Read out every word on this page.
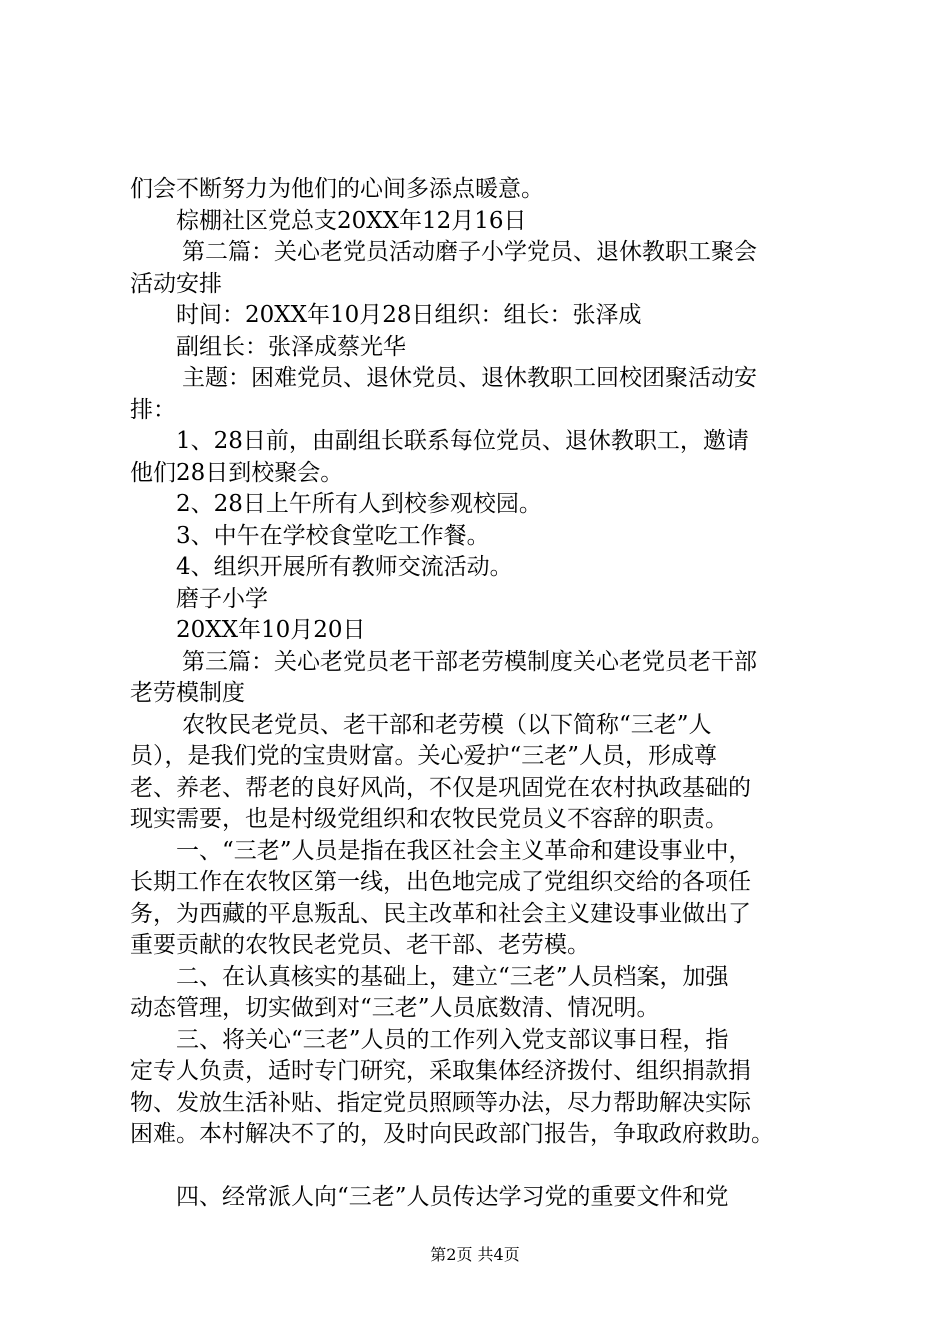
们会不断努力为他们的心间多添点暖意。
棕棚社区党总支20XX年12月16日
第二篇：关心老党员活动磨子小学党员、退休教职工聚会
活动安排
时间：20XX年10月28日组织：组长：张泽成
副组长：张泽成蔡光华
主题：困难党员、退休党员、退休教职工回校团聚活动安
排：
1、28日前，由副组长联系每位党员、退休教职工，邀请
他们28日到校聚会。
2、28日上午所有人到校参观校园。
3、中午在学校食堂吃工作餐。
4、组织开展所有教师交流活动。
磨子小学
20XX年10月20日
第三篇：关心老党员老干部老劳模制度关心老党员老干部
老劳模制度
农牧民老党员、老干部和老劳模（以下简称“三老”人
员），是我们党的宝贵财富。关心爱护“三老”人员，形成尊
老、养老、帮老的良好风尚，不仅是巩固党在农村执政基础的
现实需要，也是村级党组织和农牧民党员义不容辞的职责。
一、“三老”人员是指在我区社会主义革命和建设事业中，
长期工作在农牧区第一线，出色地完成了党组织交给的各项任
务，为西藏的平息叛乱、民主改革和社会主义建设事业做出了
重要贡献的农牧民老党员、老干部、老劳模。
二、在认真核实的基础上，建立“三老”人员档案，加强
动态管理，切实做到对“三老”人员底数清、情况明。
三、将关心“三老”人员的工作列入党支部议事日程，指
定专人负责，适时专门研究，采取集体经济拨付、组织捐款捐
物、发放生活补贴、指定党员照顾等办法，尽力帮助解决实际
困难。本村解决不了的，及时向民政部门报告，争取政府救助。
四、经常派人向“三老”人员传达学习党的重要文件和党
第2页 共4页
